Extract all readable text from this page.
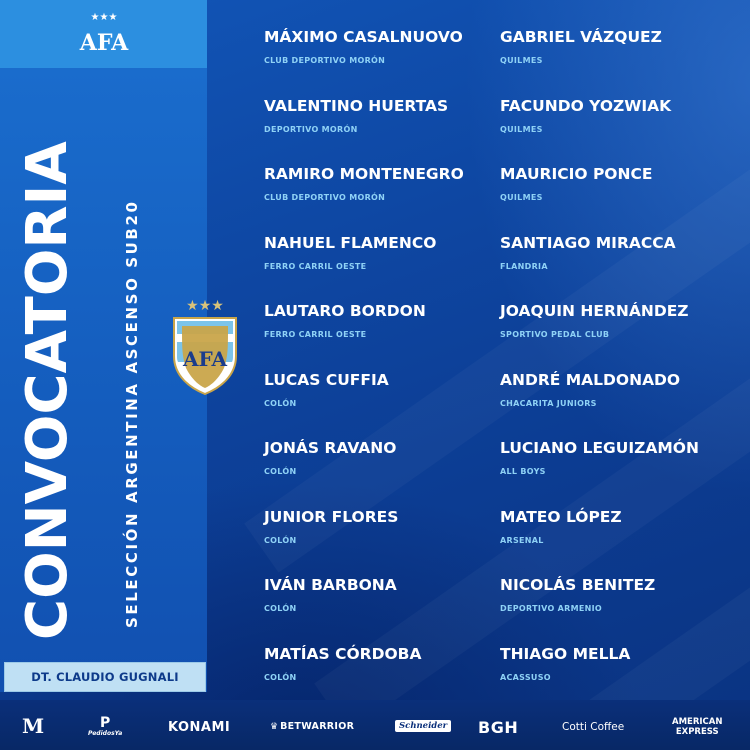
★★★
AFA
CONVOCATORIA	SELECCIÓN ARGENTINA ASCENSO SUB20
DT. CLAUDIO GUGNALI
★★★
AFA
MÁXIMO CASALNUOVO
CLUB DEPORTIVO MORÓN
VALENTINO HUERTAS
DEPORTIVO MORÓN
RAMIRO MONTENEGRO
CLUB DEPORTIVO MORÓN
NAHUEL FLAMENCO
FERRO CARRIL OESTE
LAUTARO BORDON
FERRO CARRIL OESTE
LUCAS CUFFIA
COLÓN
JONÁS RAVANO
COLÓN
JUNIOR FLORES
COLÓN
IVÁN BARBONA
COLÓN
MATÍAS CÓRDOBA
COLÓN
GABRIEL VÁZQUEZ
QUILMES
FACUNDO YOZWIAK
QUILMES
MAURICIO PONCE
QUILMES
SANTIAGO MIRACCA
FLANDRIA
JOAQUIN HERNÁNDEZ
SPORTIVO PEDAL CLUB
ANDRÉ MALDONADO
CHACARITA JUNIORS
LUCIANO LEGUIZAMÓN
ALL BOYS
MATEO LÓPEZ
ARSENAL
NICOLÁS BENITEZ
DEPORTIVO ARMENIO
THIAGO MELLA
ACASSUSO
M	P
PedidosYa	KONAMI	♛ BETWARRIOR	Schneider BGH	Cotti Coffee	AMERICAN
EXPRESS
